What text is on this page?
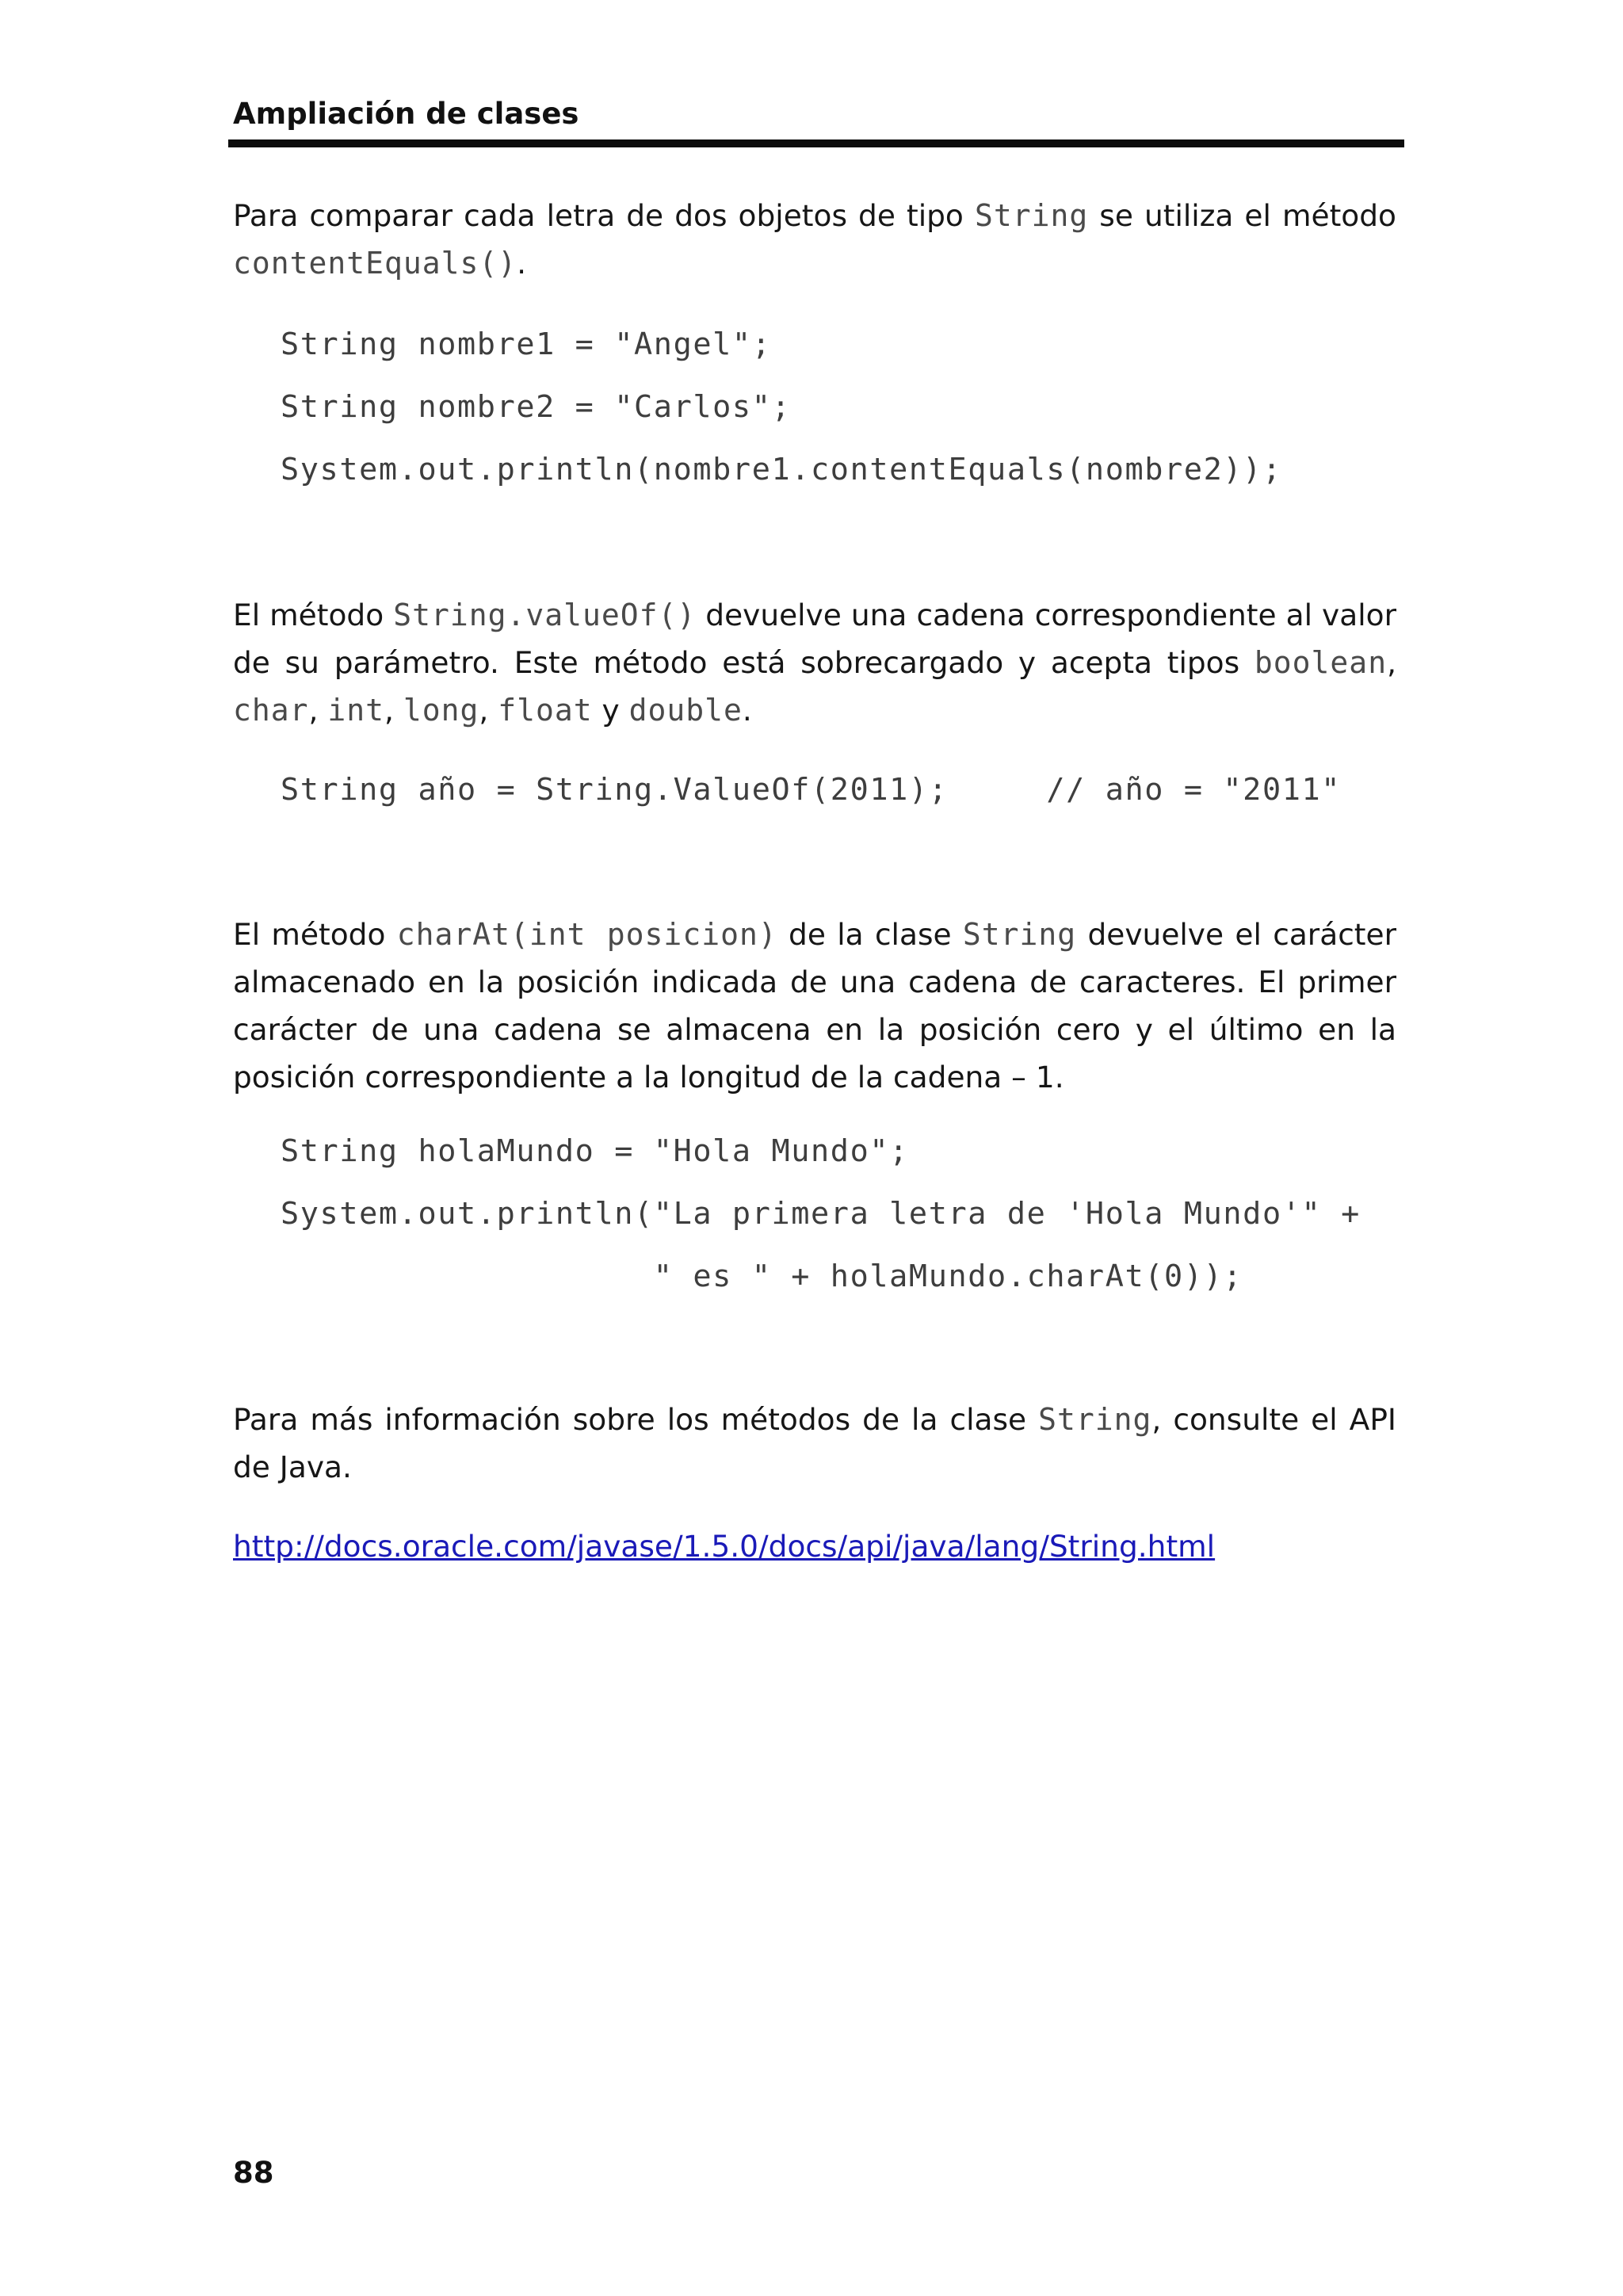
Ampliación de clases

Para comparar cada letra de dos objetos de tipo String se utiliza el método contentEquals().

String nombre1 = "Angel";
String nombre2 = "Carlos";
System.out.println(nombre1.contentEquals(nombre2));

El método String.valueOf() devuelve una cadena correspondiente al valor de su parámetro. Este método está sobrecargado y acepta tipos boolean, char, int, long, float y double.

String año = String.ValueOf(2011);     // año = "2011"

El método charAt(int posicion) de la clase String devuelve el carácter almacenado en la posición indicada de una cadena de caracteres. El primer carácter de una cadena se almacena en la posición cero y el último en la posición correspondiente a la longitud de la cadena – 1.

String holaMundo = "Hola Mundo";
System.out.println("La primera letra de 'Hola Mundo'" +
" es " + holaMundo.charAt(0));

Para más información sobre los métodos de la clase String, consulte el API de Java.

http://docs.oracle.com/javase/1.5.0/docs/api/java/lang/String.html
88
